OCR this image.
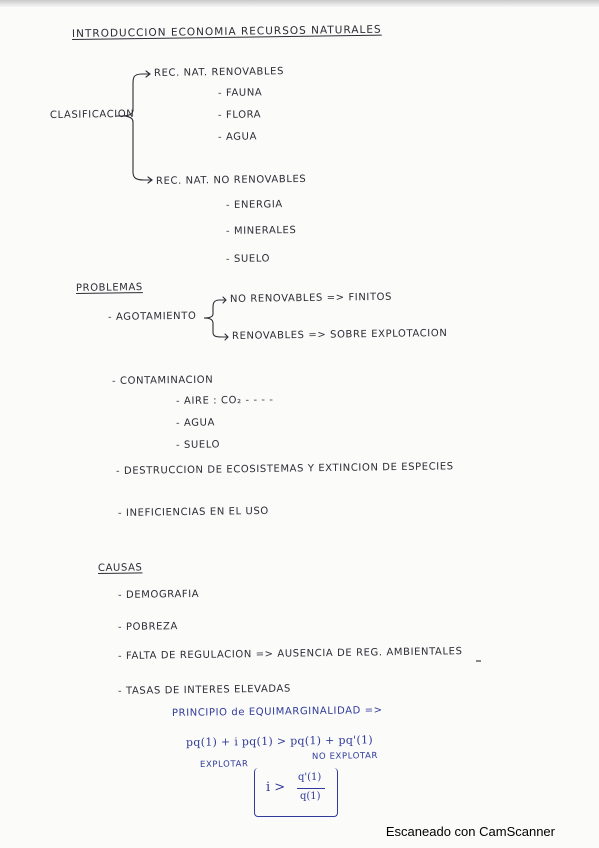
INTRODUCCION ECONOMIA RECURSOS NATURALES
CLASIFICACION
REC. NAT. RENOVABLES
- FAUNA
- FLORA
- AGUA
REC. NAT. NO RENOVABLES
- ENERGIA
- MINERALES
- SUELO
PROBLEMAS
- AGOTAMIENTO
NO RENOVABLES => FINITOS
RENOVABLES => SOBRE EXPLOTACION
- CONTAMINACION
- AIRE : CO₂ - - - -
- AGUA
- SUELO
- DESTRUCCION DE ECOSISTEMAS Y EXTINCION DE ESPECIES
- INEFICIENCIAS EN EL USO
CAUSAS
- DEMOGRAFIA
- POBREZA
- FALTA DE REGULACION => AUSENCIA DE REG. AMBIENTALES
- TASAS DE INTERES ELEVADAS
PRINCIPIO de EQUIMARGINALIDAD =>
pq(1) + i pq(1) > pq(1) + pq'(1)
EXPLOTAR
NO EXPLOTAR
i >
q'(1)
q(1)
Escaneado con CamScanner
